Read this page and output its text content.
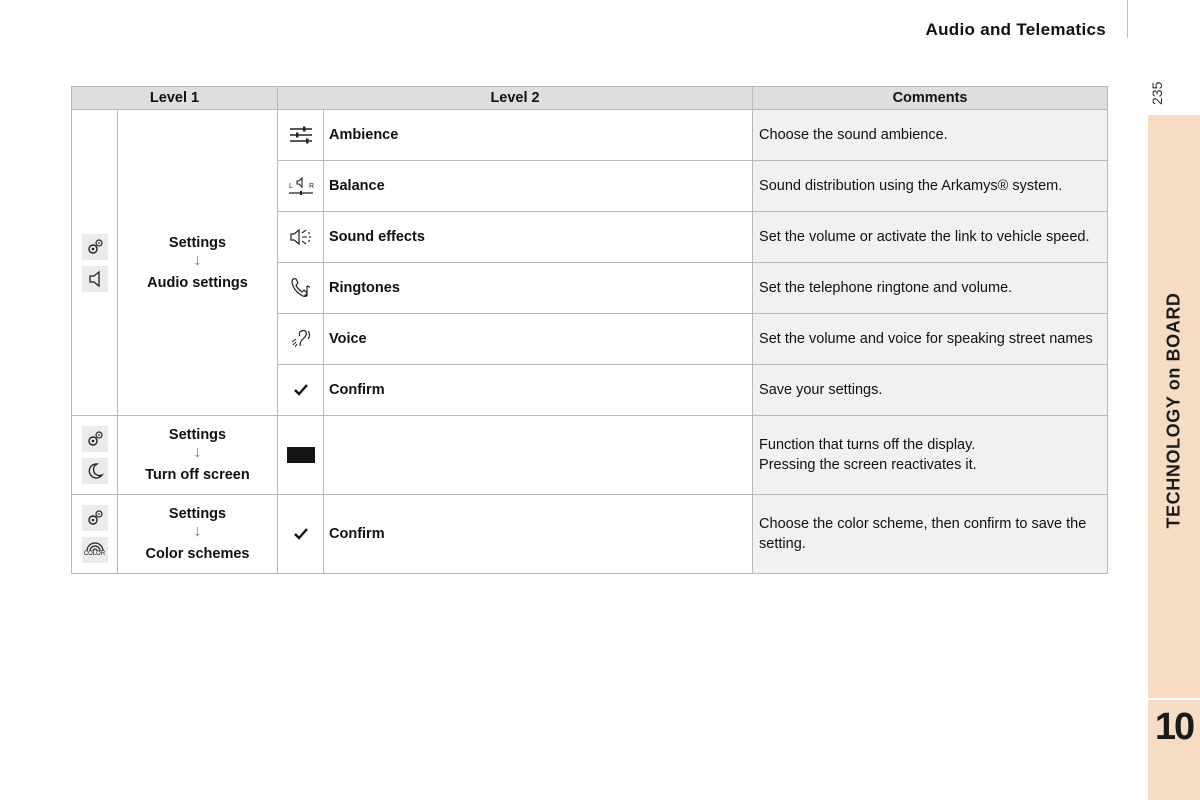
Audio and Telematics
235
TECHNOLOGY on BOARD
10
Level 1		Level 2		Comments

Settings
↓
Audio settings		Ambience	Choose the sound ambience.

L R	Balance	Sound distribution using the Arkamys® system.

	Sound effects	Set the volume or activate the link to vehicle speed.

	Ringtones	Set the telephone ringtone and volume.

	Voice	Set the volume and voice for speaking street names

	Confirm	Save your settings.

Settings
↓
Turn off screen			Function that turns off the display.
Pressing the screen reactivates it.

COLOR	Settings
↓
Color schemes		Confirm	Choose the color scheme, then confirm to save the setting.
